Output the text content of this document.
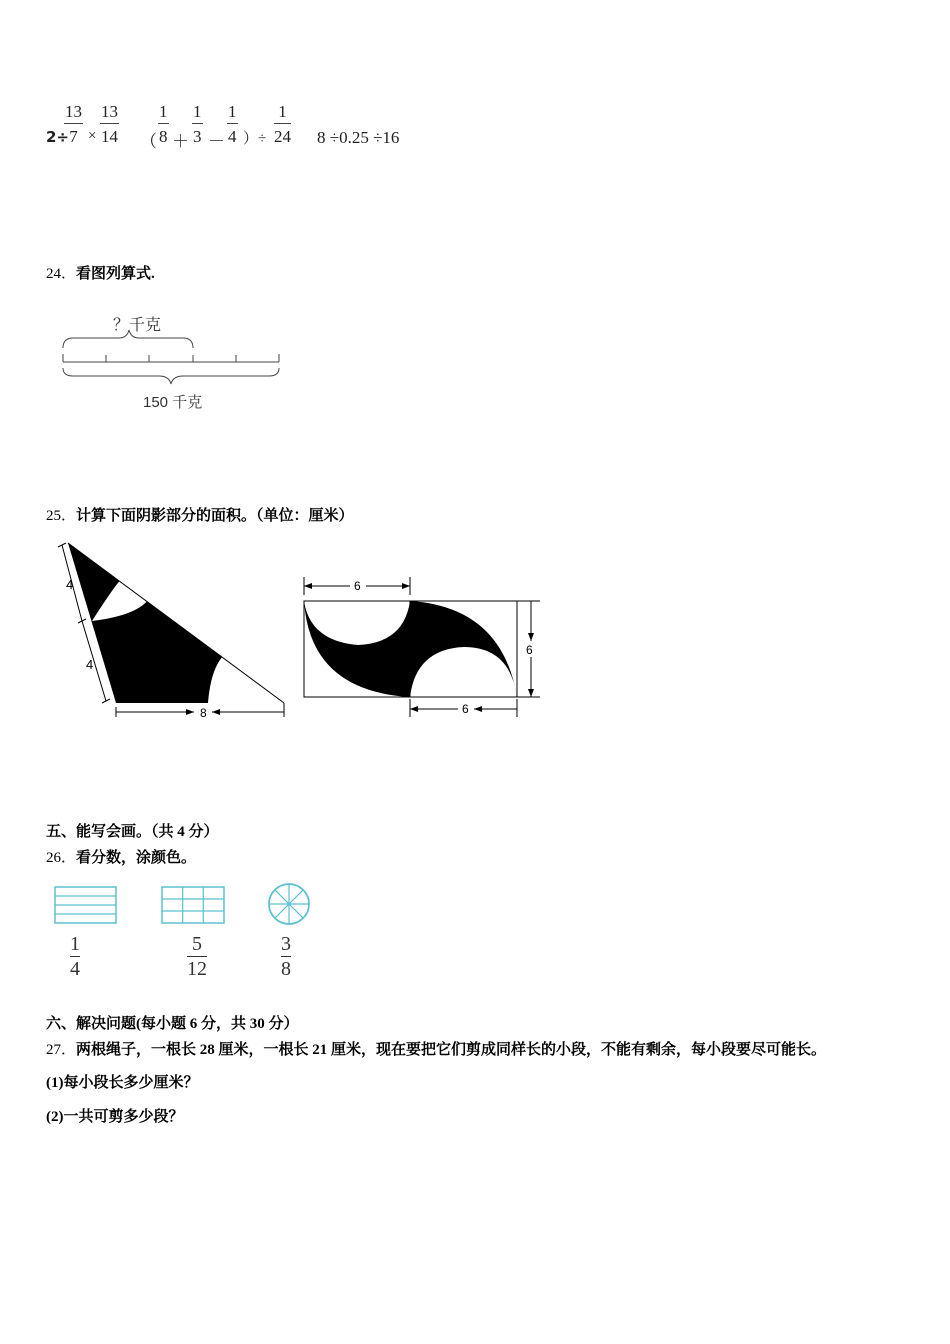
2÷
13
7 ×
13
14 （
1
8 ＋
1
3 －
1
4 ）÷
1
24 8 ÷0.25 ÷16
24．看图列算式.
？千克
150 千克
25．计算下面阴影部分的面积。（单位：厘米）
4
4
8
6
6
6
五、能写会画。（共 4 分）
26．看分数，涂颜色。
1
4
5
12
3
8
六、解决问题(每小题 6 分，共 30 分）
27．两根绳子，一根长 28 厘米，一根长 21 厘米，现在要把它们剪成同样长的小段，不能有剩余，每小段要尽可能长。
(1)每小段长多少厘米？
(2)一共可剪多少段？
